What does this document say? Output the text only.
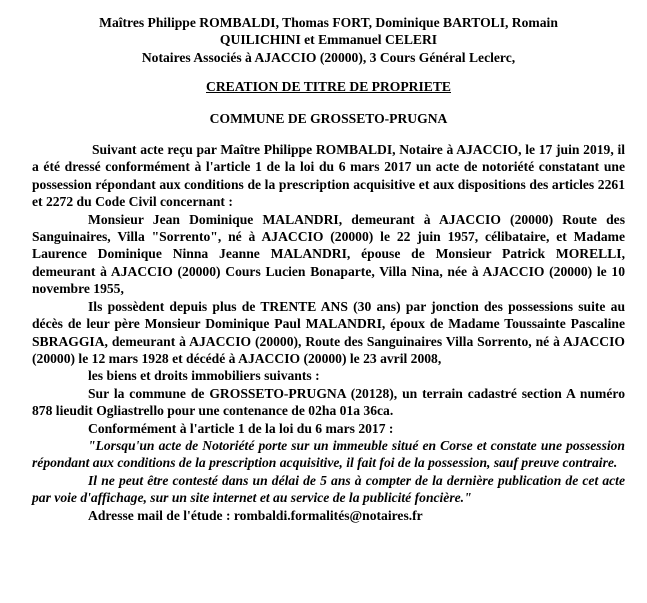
Maîtres Philippe ROMBALDI, Thomas FORT, Dominique BARTOLI, Romain
QUILICHINI et Emmanuel CELERI
Notaires Associés à AJACCIO (20000), 3 Cours Général Leclerc,
CREATION DE TITRE DE PROPRIETE
COMMUNE DE GROSSETO-PRUGNA

Suivant acte reçu par Maître Philippe ROMBALDI, Notaire à AJACCIO, le 17 juin 2019, il a été dressé conformément à l'article 1 de la loi du 6 mars 2017 un acte de notoriété constatant une possession répondant aux conditions de la prescription acquisitive et aux dispositions des articles 2261 et 2272 du Code Civil concernant :

Monsieur Jean Dominique MALANDRI, demeurant à AJACCIO (20000) Route des Sanguinaires, Villa "Sorrento", né à AJACCIO (20000) le 22 juin 1957, célibataire, et Madame Laurence Dominique Ninna Jeanne MALANDRI, épouse de Monsieur Patrick MORELLI, demeurant à AJACCIO (20000) Cours Lucien Bonaparte, Villa Nina, née à AJACCIO (20000) le 10 novembre 1955,

Ils possèdent depuis plus de TRENTE ANS (30 ans) par jonction des possessions suite au décès de leur père Monsieur Dominique Paul MALANDRI, époux de Madame Toussainte Pascaline SBRAGGIA, demeurant à AJACCIO (20000), Route des Sanguinaires Villa Sorrento, né à AJACCIO (20000) le 12 mars 1928 et décédé à AJACCIO (20000) le 23 avril 2008,

les biens et droits immobiliers suivants :

Sur la commune de GROSSETO-PRUGNA (20128), un terrain cadastré section A numéro 878 lieudit Ogliastrello pour une contenance de 02ha 01a 36ca.

Conformément à l'article 1 de la loi du 6 mars 2017 :

"Lorsqu'un acte de Notoriété porte sur un immeuble situé en Corse et constate une possession répondant aux conditions de la prescription acquisitive, il fait foi de la possession, sauf preuve contraire.

Il ne peut être contesté dans un délai de 5 ans à compter de la dernière publication de cet acte par voie d'affichage, sur un site internet et au service de la publicité foncière."

Adresse mail de l'étude : rombaldi.formalités@notaires.fr
